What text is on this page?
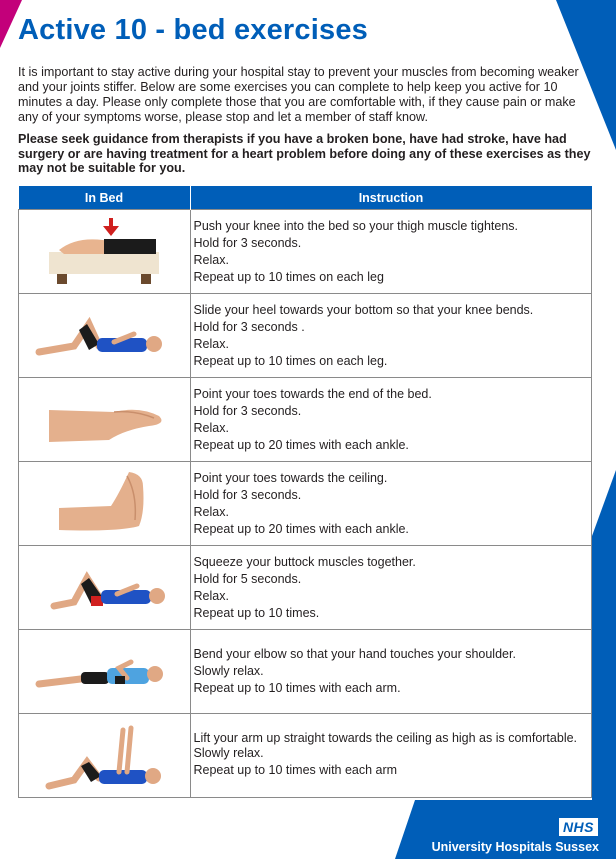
Active 10 - bed exercises

It is important to stay active during your hospital stay to prevent your muscles from becoming weaker and your joints stiffer. Below are some exercises you can complete to help keep you active for 10 minutes a day. Please only complete those that you are comfortable with, if they cause pain or make any of your symptoms worse, please stop and let a member of staff know.

Please seek guidance from therapists if you have a broken bone, have had stroke, have had surgery or are having treatment for a heart problem before doing any of these exercises as they may not be suitable for you.

In Bed	Instruction

Push your knee into the bed so your thigh muscle tightens.
Hold for 3 seconds.
Relax.
Repeat up to 10 times on each leg

Slide your heel towards your bottom so that your knee bends.
Hold for 3 seconds .
Relax.
Repeat up to 10 times on each leg.

Point your toes towards the end of the bed.
Hold for 3 seconds.
Relax.
Repeat up to 20 times with each ankle.

Point your toes towards the ceiling.
Hold for 3 seconds.
Relax.
Repeat up to 20 times with each ankle.

Squeeze your buttock muscles together.
Hold for 5 seconds.
Relax.
Repeat up to 10 times.

Bend your elbow so that your hand touches your shoulder.
Slowly relax.
Repeat up to 10 times with each arm.

Lift your arm up straight towards the ceiling as high as is comfortable.
Slowly relax.
Repeat up to 10 times with each arm
NHS
University Hospitals Sussex
